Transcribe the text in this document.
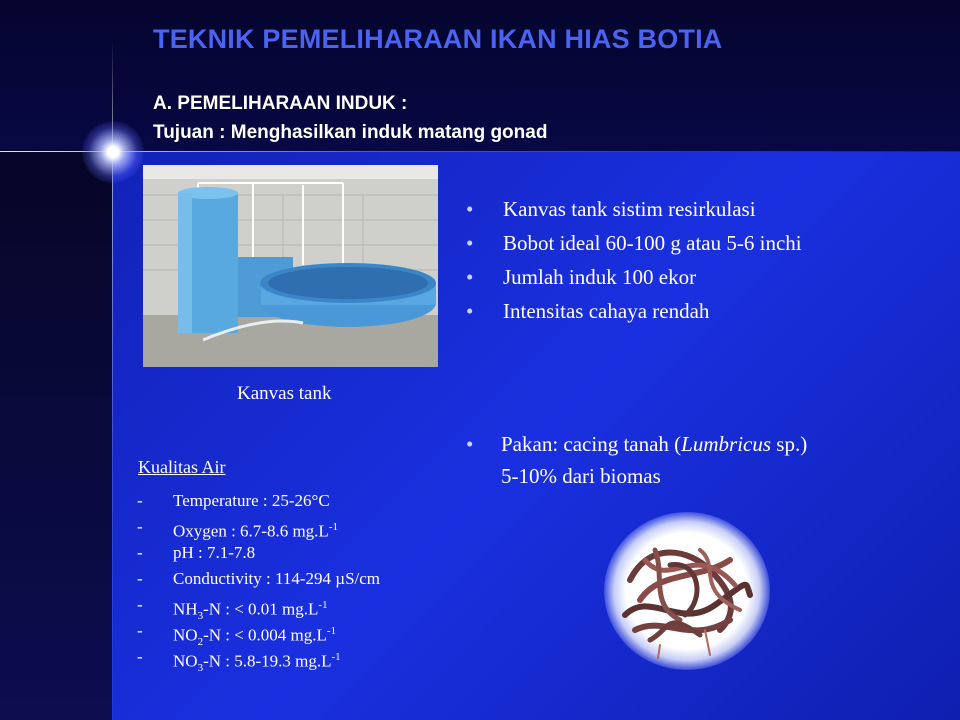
TEKNIK PEMELIHARAAN IKAN HIAS BOTIA
A. PEMELIHARAAN INDUK :
Tujuan : Menghasilkan induk matang gonad
Kanvas tank
• Kanvas tank sistim resirkulasi
• Bobot ideal 60-100 g atau 5-6 inchi
• Jumlah induk 100 ekor
• Intensitas cahaya rendah
• Pakan: cacing tanah (Lumbricus sp.)
5-10% dari biomas
Kualitas Air
- Temperature : 25-26°C
- Oxygen : 6.7-8.6 $mg.L^{-1}$
- pH : 7.1-7.8
- Conductivity : 114-294 µS/cm
- $NH_3-N$ : < 0.01 $mg.L^{-1}$
- $NO_2-N$ : < 0.004 $mg.L^{-1}$
- $NO_3-N$ : 5.8-19.3 $mg.L^{-1}$
